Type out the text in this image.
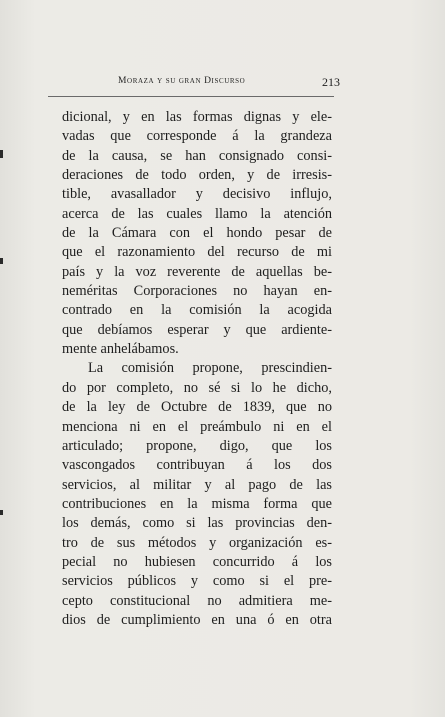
Moraza y su gran Discurso	213
dicional, y en las formas dignas y ele-
vadas que corresponde á la grandeza
de la causa, se han consignado consi-
deraciones de todo orden, y de irresis-
tible, avasallador y decisivo influjo,
acerca de las cuales llamo la atención
de la Cámara con el hondo pesar de
que el razonamiento del recurso de mi
país y la voz reverente de aquellas be-
neméritas Corporaciones no hayan en-
contrado en la comisión la acogida
que debíamos esperar y que ardiente-
mente anhelábamos.
La comisión propone, prescindien-
do por completo, no sé si lo he dicho,
de la ley de Octubre de 1839, que no
menciona ni en el preámbulo ni en el
articulado; propone, digo, que los
vascongados contribuyan á los dos
servicios, al militar y al pago de las
contribuciones en la misma forma que
los demás, como si las provincias den-
tro de sus métodos y organización es-
pecial no hubiesen concurrido á los
servicios públicos y como si el pre-
cepto constitucional no admitiera me-
dios de cumplimiento en una ó en otra
